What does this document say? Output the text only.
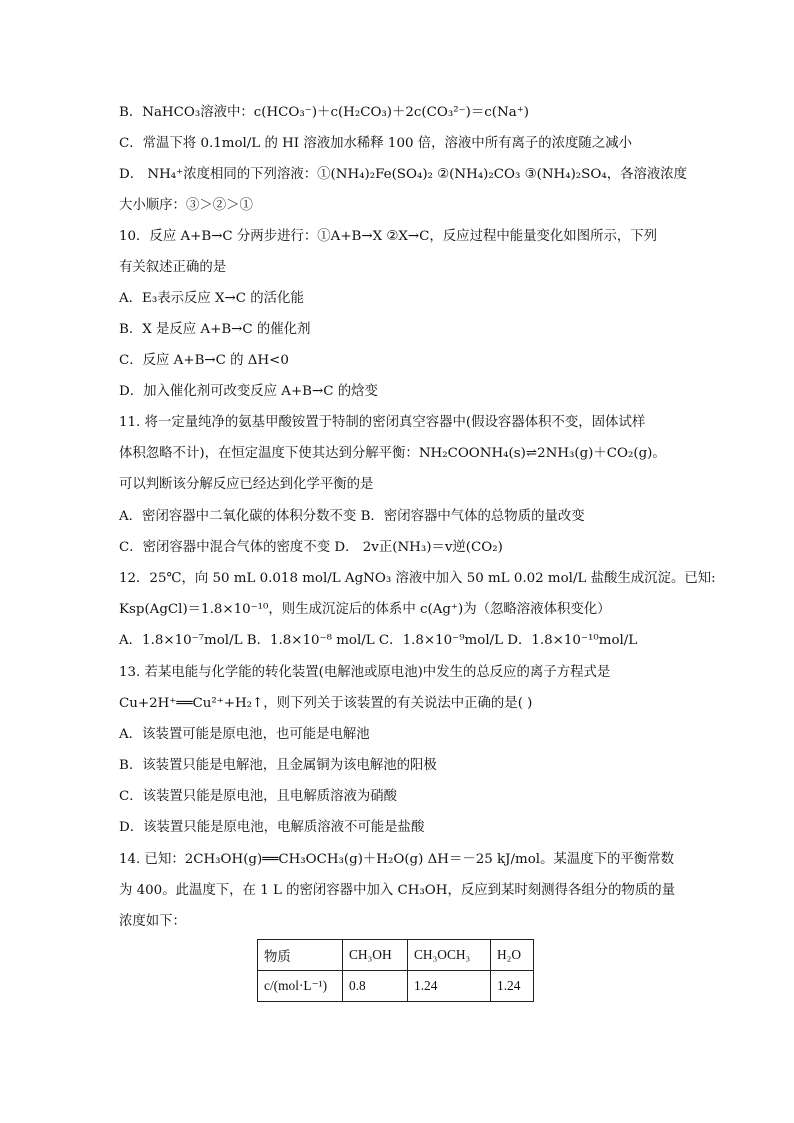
B．NaHCO₃溶液中：c(HCO₃⁻)＋c(H₂CO₃)＋2c(CO₃²⁻)＝c(Na⁺)
C．常温下将 0.1mol/L 的 HI 溶液加水稀释 100 倍，溶液中所有离子的浓度随之减小
D． NH₄⁺浓度相同的下列溶液：①(NH₄)₂Fe(SO₄)₂ ②(NH₄)₂CO₃ ③(NH₄)₂SO₄，各溶液浓度
大小顺序：③＞②＞①
10．反应 A+B→C 分两步进行：①A+B→X ②X→C，反应过程中能量变化如图所示，下列
有关叙述正确的是
A．E₃表示反应 X→C 的活化能
B．X 是反应 A+B→C 的催化剂
C．反应 A+B→C 的 ΔH<0
D．加入催化剂可改变反应 A+B→C 的焓变
11. 将一定量纯净的氨基甲酸铵置于特制的密闭真空容器中(假设容器体积不变，固体试样
体积忽略不计)，在恒定温度下使其达到分解平衡：NH₂COONH₄(s)⇌2NH₃(g)＋CO₂(g)。
可以判断该分解反应已经达到化学平衡的是
A．密闭容器中二氧化碳的体积分数不变 B．密闭容器中气体的总物质的量改变
C．密闭容器中混合气体的密度不变 D． 2v正(NH₃)＝v逆(CO₂)
12．25℃，向 50 mL 0.018 mol/L AgNO₃ 溶液中加入 50 mL 0.02 mol/L 盐酸生成沉淀。已知:
Ksp(AgCl)＝1.8×10⁻¹⁰，则生成沉淀后的体系中 c(Ag⁺)为（忽略溶液体积变化）
A．1.8×10⁻⁷mol/L B．1.8×10⁻⁸ mol/L C．1.8×10⁻⁹mol/L D．1.8×10⁻¹⁰mol/L
13. 若某电能与化学能的转化装置(电解池或原电池)中发生的总反应的离子方程式是
Cu+2H⁺══Cu²⁺+H₂↑，则下列关于该装置的有关说法中正确的是( )
A．该装置可能是原电池，也可能是电解池
B．该装置只能是电解池，且金属铜为该电解池的阳极
C．该装置只能是原电池，且电解质溶液为硝酸
D．该装置只能是原电池，电解质溶液不可能是盐酸
14. 已知：2CH₃OH(g)══CH₃OCH₃(g)＋H₂O(g) ΔH＝－25 kJ/mol。某温度下的平衡常数
为 400。此温度下，在 1 L 的密闭容器中加入 CH₃OH，反应到某时刻测得各组分的物质的量
浓度如下：
物质	CH₃OH	CH₃OCH₃	H₂O
c/(mol·L⁻¹)	0.8	1.24	1.24
